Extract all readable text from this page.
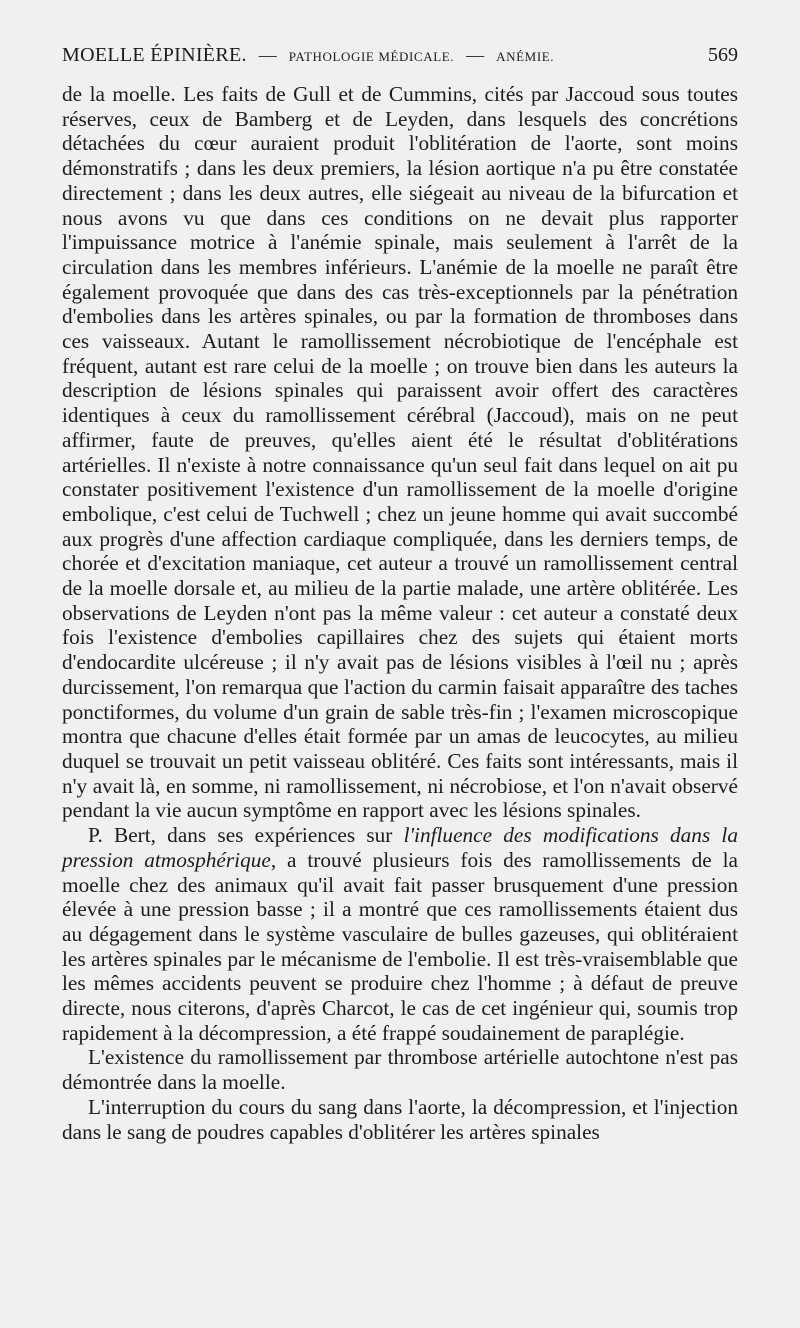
MOELLE ÉPINIÈRE. — PATHOLOGIE MÉDICALE. — ANÉMIE.	569

de la moelle. Les faits de Gull et de Cummins, cités par Jaccoud sous toutes réserves, ceux de Bamberg et de Leyden, dans lesquels des concrétions détachées du cœur auraient produit l'oblitération de l'aorte, sont moins démonstratifs ; dans les deux premiers, la lésion aortique n'a pu être constatée directement ; dans les deux autres, elle siégeait au niveau de la bifurcation et nous avons vu que dans ces conditions on ne devait plus rapporter l'impuissance motrice à l'anémie spinale, mais seulement à l'arrêt de la circulation dans les membres inférieurs. L'anémie de la moelle ne paraît être également provoquée que dans des cas très-exceptionnels par la pénétration d'embolies dans les artères spinales, ou par la formation de thromboses dans ces vaisseaux. Autant le ramollissement nécrobiotique de l'encéphale est fréquent, autant est rare celui de la moelle ; on trouve bien dans les auteurs la description de lésions spinales qui paraissent avoir offert des caractères identiques à ceux du ramollissement cérébral (Jaccoud), mais on ne peut affirmer, faute de preuves, qu'elles aient été le résultat d'oblitérations artérielles. Il n'existe à notre connaissance qu'un seul fait dans lequel on ait pu constater positivement l'existence d'un ramollissement de la moelle d'origine embolique, c'est celui de Tuchwell ; chez un jeune homme qui avait succombé aux progrès d'une affection cardiaque compliquée, dans les derniers temps, de chorée et d'excitation maniaque, cet auteur a trouvé un ramollissement central de la moelle dorsale et, au milieu de la partie malade, une artère oblitérée. Les observations de Leyden n'ont pas la même valeur : cet auteur a constaté deux fois l'existence d'embolies capillaires chez des sujets qui étaient morts d'endocardite ulcéreuse ; il n'y avait pas de lésions visibles à l'œil nu ; après durcissement, l'on remarqua que l'action du carmin faisait apparaître des taches ponctiformes, du volume d'un grain de sable très-fin ; l'examen microscopique montra que chacune d'elles était formée par un amas de leucocytes, au milieu duquel se trouvait un petit vaisseau oblitéré. Ces faits sont intéressants, mais il n'y avait là, en somme, ni ramollissement, ni nécrobiose, et l'on n'avait observé pendant la vie aucun symptôme en rapport avec les lésions spinales.

P. Bert, dans ses expériences sur l'influence des modifications dans la pression atmosphérique, a trouvé plusieurs fois des ramollissements de la moelle chez des animaux qu'il avait fait passer brusquement d'une pression élevée à une pression basse ; il a montré que ces ramollissements étaient dus au dégagement dans le système vasculaire de bulles gazeuses, qui oblitéraient les artères spinales par le mécanisme de l'embolie. Il est très-vraisemblable que les mêmes accidents peuvent se produire chez l'homme ; à défaut de preuve directe, nous citerons, d'après Charcot, le cas de cet ingénieur qui, soumis trop rapidement à la décompression, a été frappé soudainement de paraplégie.

L'existence du ramollissement par thrombose artérielle autochtone n'est pas démontrée dans la moelle.

L'interruption du cours du sang dans l'aorte, la décompression, et l'injection dans le sang de poudres capables d'oblitérer les artères spinales
